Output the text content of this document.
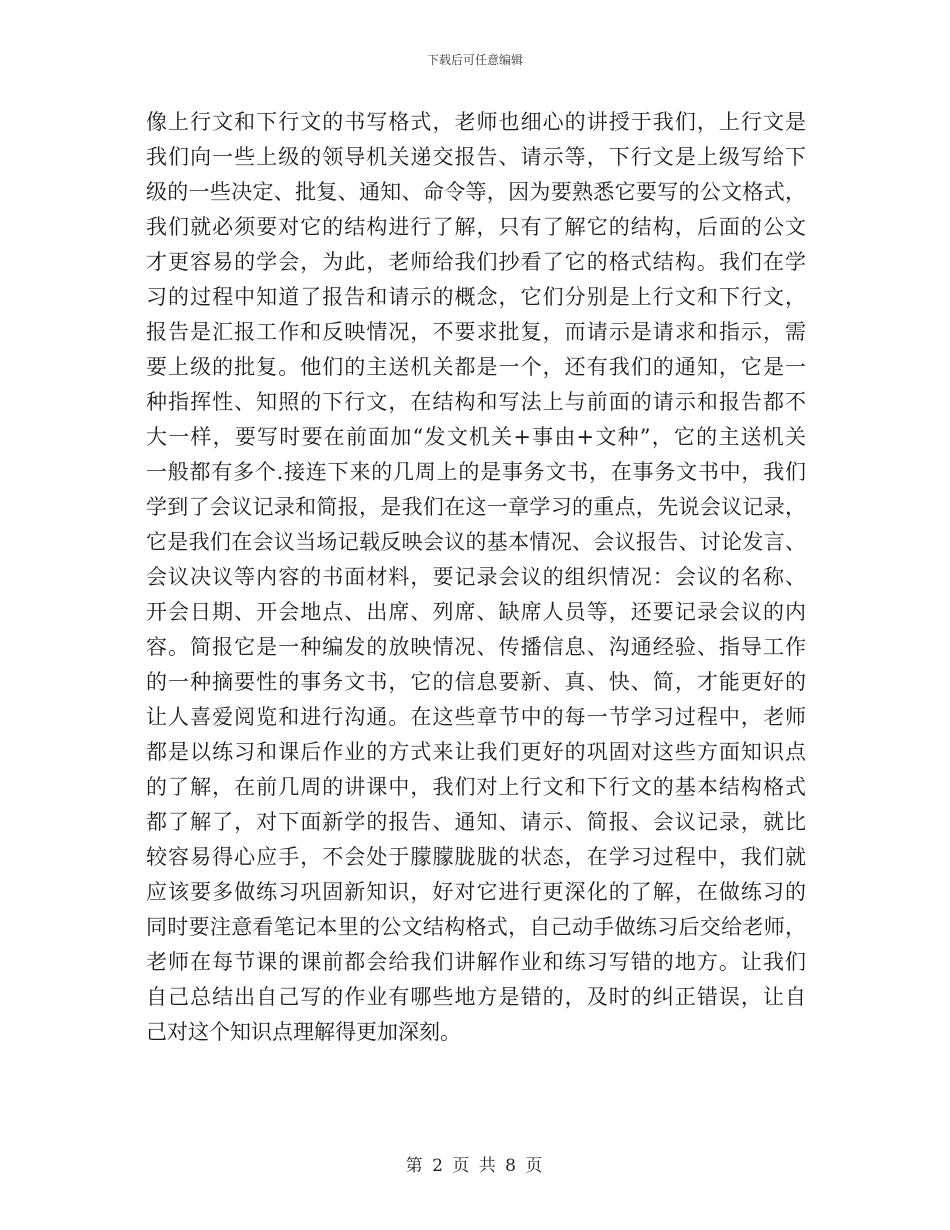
下载后可任意编辑
像上行文和下行文的书写格式，老师也细心的讲授于我们，上行文是
我们向一些上级的领导机关递交报告、请示等，下行文是上级写给下
级的一些决定、批复、通知、命令等，因为要熟悉它要写的公文格式，
我们就必须要对它的结构进行了解，只有了解它的结构，后面的公文
才更容易的学会，为此，老师给我们抄看了它的格式结构。我们在学
习的过程中知道了报告和请示的概念，它们分别是上行文和下行文，
报告是汇报工作和反映情况，不要求批复，而请示是请求和指示，需
要上级的批复。他们的主送机关都是一个，还有我们的通知，它是一
种指挥性、知照的下行文，在结构和写法上与前面的请示和报告都不
大一样，要写时要在前面加“发文机关+事由+文种”，它的主送机关
一般都有多个.接连下来的几周上的是事务文书，在事务文书中，我们
学到了会议记录和简报，是我们在这一章学习的重点，先说会议记录，
它是我们在会议当场记载反映会议的基本情况、会议报告、讨论发言、
会议决议等内容的书面材料，要记录会议的组织情况：会议的名称、
开会日期、开会地点、出席、列席、缺席人员等，还要记录会议的内
容。简报它是一种编发的放映情况、传播信息、沟通经验、指导工作
的一种摘要性的事务文书，它的信息要新、真、快、简，才能更好的
让人喜爱阅览和进行沟通。在这些章节中的每一节学习过程中，老师
都是以练习和课后作业的方式来让我们更好的巩固对这些方面知识点
的了解，在前几周的讲课中，我们对上行文和下行文的基本结构格式
都了解了，对下面新学的报告、通知、请示、简报、会议记录，就比
较容易得心应手，不会处于朦朦胧胧的状态，在学习过程中，我们就
应该要多做练习巩固新知识，好对它进行更深化的了解，在做练习的
同时要注意看笔记本里的公文结构格式，自己动手做练习后交给老师，
老师在每节课的课前都会给我们讲解作业和练习写错的地方。让我们
自己总结出自己写的作业有哪些地方是错的，及时的纠正错误，让自
己对这个知识点理解得更加深刻。
第 2 页 共 8 页
